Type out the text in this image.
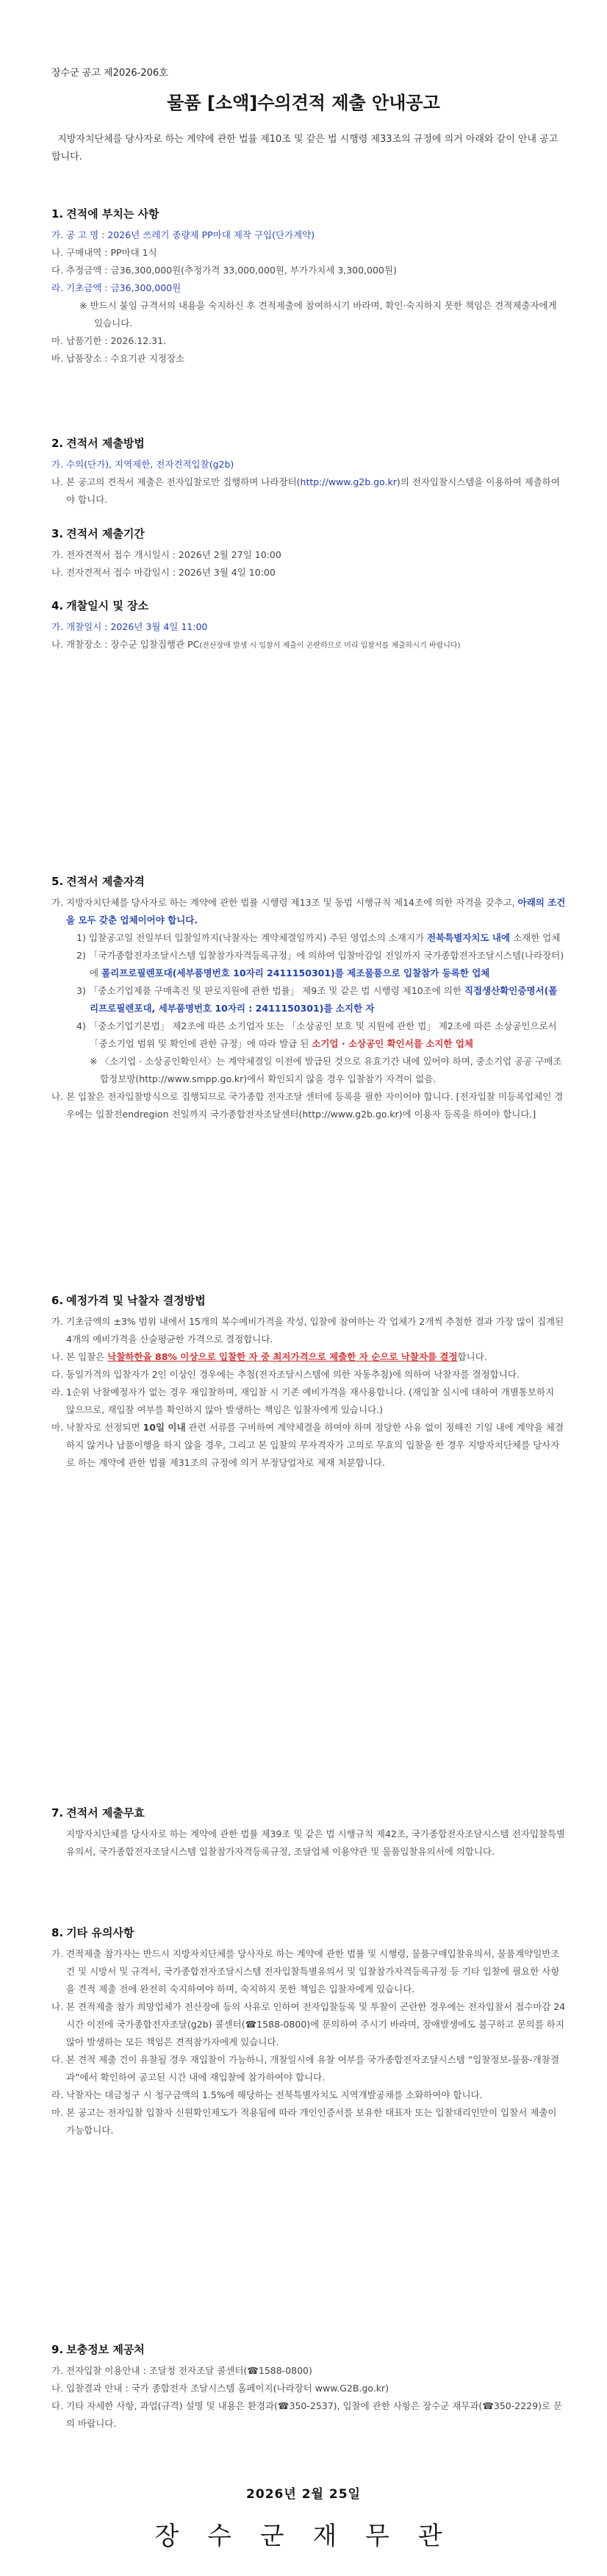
장수군 공고 제2026-206호
물품 [소액]수의견적 제출 안내공고
지방자치단체를 당사자로 하는 계약에 관한 법률 제10조 및 같은 법 시행령 제33조의 규정에 의거 아래와 같이 안내 공고합니다.
1. 견적에 부치는 사항
가. 공 고 명 : 2026년 쓰레기 종량제 PP마대 제작 구입(단가계약)
나. 구매내역 : PP마대 1식
다. 추정금액 : 금36,300,000원(추정가격 33,000,000원, 부가가치세 3,300,000원)
라. 기초금액 : 금36,300,000원
※ 반드시 붙임 규격서의 내용을 숙지하신 후 견적제출에 참여하시기 바라며, 확인·숙지하지 못한 책임은 견적제출자에게 있습니다.
마. 납품기한 : 2026.12.31.
바. 납품장소 : 수요기관 지정장소
2. 견적서 제출방법
가. 수의(단가), 지역제한, 전자견적입찰(g2b)
나. 본 공고의 견적서 제출은 전자입찰로만 집행하며 나라장터(http://www.g2b.go.kr)의 전자입찰시스템을 이용하여 제출하여야 합니다.
3. 견적서 제출기간
가. 전자견적서 접수 개시일시 : 2026년 2월 27일 10:00
나. 전자견적서 접수 마감일시 : 2026년 3월 4일 10:00
4. 개찰일시 및 장소
가. 개찰일시 : 2026년 3월 4일 11:00
나. 개찰장소 : 장수군 입찰집행관 PC(전산장애 발생 시 입찰서 제출이 곤란하므로 미리 입찰서를 제출하시기 바랍니다)
5. 견적서 제출자격
가. 지방자치단체를 당사자로 하는 계약에 관한 법률 시행령 제13조 및 동법 시행규칙 제14조에 의한 자격을 갖추고, 아래의 조건을 모두 갖춘 업체이어야 합니다.
1) 입찰공고일 전일부터 입찰일까지(낙찰자는 계약체결일까지) 주된 영업소의 소재지가 전북특별자치도 내에 소재한 업체
2) 「국가종합전자조달시스템 입찰참가자격등록규정」에 의하여 입찰마감일 전일까지 국가종합전자조달시스템(나라장터)에 폴리프로필렌포대(세부품명번호 10자리 2411150301)를 제조물품으로 입찰참가 등록한 업체
3) 「중소기업제품 구매촉진 및 판로지원에 관한 법률」 제9조 및 같은 법 시행령 제10조에 의한 직접생산확인증명서(폴리프로필렌포대, 세부품명번호 10자리 : 2411150301)를 소지한 자
4) 「중소기업기본법」 제2조에 따른 소기업자 또는 「소상공인 보호 및 지원에 관한 법」 제2조에 따른 소상공인으로서 「중소기업 범위 및 확인에 관한 규정」에 따라 발급 된 소기업 · 소상공인 확인서를 소지한 업체
※ 〈소기업 · 소상공인확인서〉는 계약체결일 이전에 발급된 것으로 유효기간 내에 있어야 하며, 중소기업 공공 구매조합정보망(http://www.smpp.go.kr)에서 확인되지 않을 경우 입찰참가 자격이 없음.
나. 본 입찰은 전자입찰방식으로 집행되므로 국가종합 전자조달 센터에 등록을 필한 자이어야 합니다. [전자입찰 미등록업체인 경우에는 입찰전endregion 전일까지 국가종합전자조달센터(http://www.g2b.go.kr)에 이용자 등록을 하여야 합니다.]
6. 예정가격 및 낙찰자 결정방법
가. 기초금액의 ±3% 범위 내에서 15개의 복수예비가격을 작성, 입찰에 참여하는 각 업체가 2개씩 추첨한 결과 가장 많이 집계된 4개의 예비가격을 산술평균한 가격으로 결정합니다.
나. 본 입찰은 낙찰하한율 88% 이상으로 입찰한 자 중 최저가격으로 제출한 자 순으로 낙찰자를 결정합니다.
다. 동일가격의 입찰자가 2인 이상인 경우에는 추첨(전자조달시스템에 의한 자동추첨)에 의하여 낙찰자를 결정합니다.
라. 1순위 낙찰예정자가 없는 경우 재입찰하며, 재입찰 시 기존 예비가격을 재사용합니다. (재입찰 실시에 대하여 개별통보하지 않으므로, 재입찰 여부를 확인하지 않아 발생하는 책임은 입찰자에게 있습니다.)
마. 낙찰자로 선정되면 10일 이내 관련 서류를 구비하여 계약체결을 하여야 하며 정당한 사유 없이 정해진 기일 내에 계약을 체결하지 않거나 납품이행을 하지 않을 경우, 그리고 본 입찰의 무자격자가 고의로 무효의 입찰을 한 경우 지방자치단체를 당사자로 하는 계약에 관한 법률 제31조의 규정에 의거 부정당업자로 제재 처분합니다.
7. 견적서 제출무효
지방자치단체를 당사자로 하는 계약에 관한 법률 제39조 및 같은 법 시행규칙 제42조, 국가종합전자조달시스템 전자입찰특별유의서, 국가종합전자조달시스템 입찰참가자격등록규정, 조달업체 이용약관 및 물품입찰유의서에 의합니다.
8. 기타 유의사항
가. 견적제출 참가자는 반드시 지방자치단체를 당사자로 하는 계약에 관한 법률 및 시행령, 물품구매입찰유의서, 물품계약일반조건 및 시방서 및 규격서, 국가종합전자조달시스템 전자입찰특별유의서 및 입찰참가자격등록규정 등 기타 입찰에 필요한 사항을 견적 제출 전에 완전히 숙지하여야 하며, 숙지하지 못한 책임은 입찰자에게 있습니다.
나. 본 견적제출 참가 희망업체가 전산장애 등의 사유로 인하여 전자입찰등록 및 투찰이 곤란한 경우에는 전자입찰서 접수마감 24시간 이전에 국가종합전자조달(g2b) 콜센터(☎1588-0800)에 문의하여 주시기 바라며, 장애발생에도 불구하고 문의를 하지 않아 발생하는 모든 책임은 견적참가자에게 있습니다.
다. 본 견적 제출 건이 유찰될 경우 재입찰이 가능하니, 개찰일시에 유찰 여부를 국가종합전자조달시스템 “입찰정보-물품-개찰결과”에서 확인하여 공고된 시간 내에 재입찰에 참가하여야 합니다.
라. 낙찰자는 대금청구 시 청구금액의 1.5%에 해당하는 전북특별자치도 지역개발공채를 소화하여야 합니다.
마. 본 공고는 전자입찰 입찰자 신원확인제도가 적용됨에 따라 개인인증서를 보유한 대표자 또는 입찰대리인만이 입찰서 제출이 가능합니다.
9. 보충정보 제공처
가. 전자입찰 이용안내 : 조달청 전자조달 콜센터(☎1588-0800)
나. 입찰결과 안내 : 국가 종합전자 조달시스템 홈페이지(나라장터 www.G2B.go.kr)
다. 기타 자세한 사항, 과업(규격) 설명 및 내용은 환경과(☎350-2537), 입찰에 관한 사항은 장수군 재무과(☎350-2229)로 문의 바랍니다.
2026년 2월 25일
장 수 군 재 무 관
